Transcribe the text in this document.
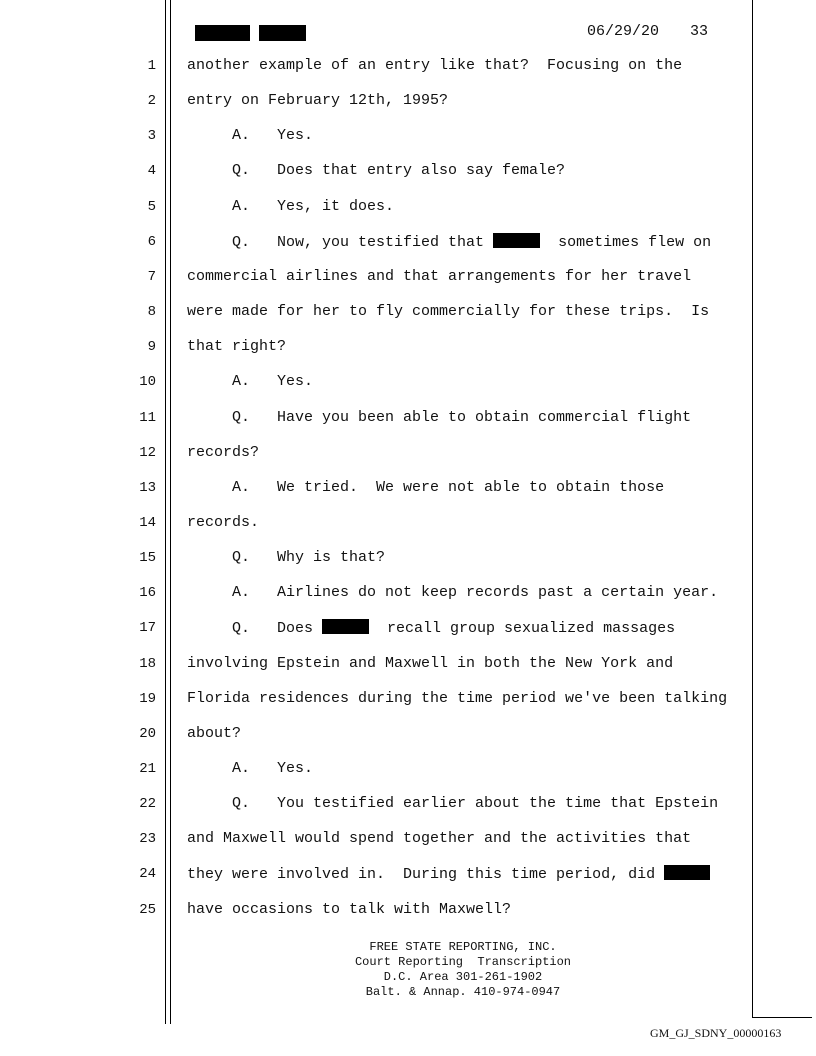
06/29/20 33
1 another example of an entry like that?  Focusing on the
2 entry on February 12th, 1995?
3 A.   Yes.
4 Q.   Does that entry also say female?
5 A.   Yes, it does.
6 Q.   Now, you testified that	sometimes flew on
7 commercial airlines and that arrangements for her travel
8 were made for her to fly commercially for these trips.  Is
9 that right?
10 A.   Yes.
11 Q.   Have you been able to obtain commercial flight
12 records?
13 A.   We tried.  We were not able to obtain those
14 records.
15 Q.   Why is that?
16 A.   Airlines do not keep records past a certain year.
17 Q.   Does	recall group sexualized massages
18 involving Epstein and Maxwell in both the New York and
19 Florida residences during the time period we've been talking
20 about?
21 A.   Yes.
22 Q.   You testified earlier about the time that Epstein
23 and Maxwell would spend together and the activities that
24 they were involved in.  During this time period, did
25 have occasions to talk with Maxwell?
FREE STATE REPORTING, INC.
Court Reporting  Transcription
D.C. Area 301-261-1902
Balt. & Annap. 410-974-0947
GM_GJ_SDNY_00000163
